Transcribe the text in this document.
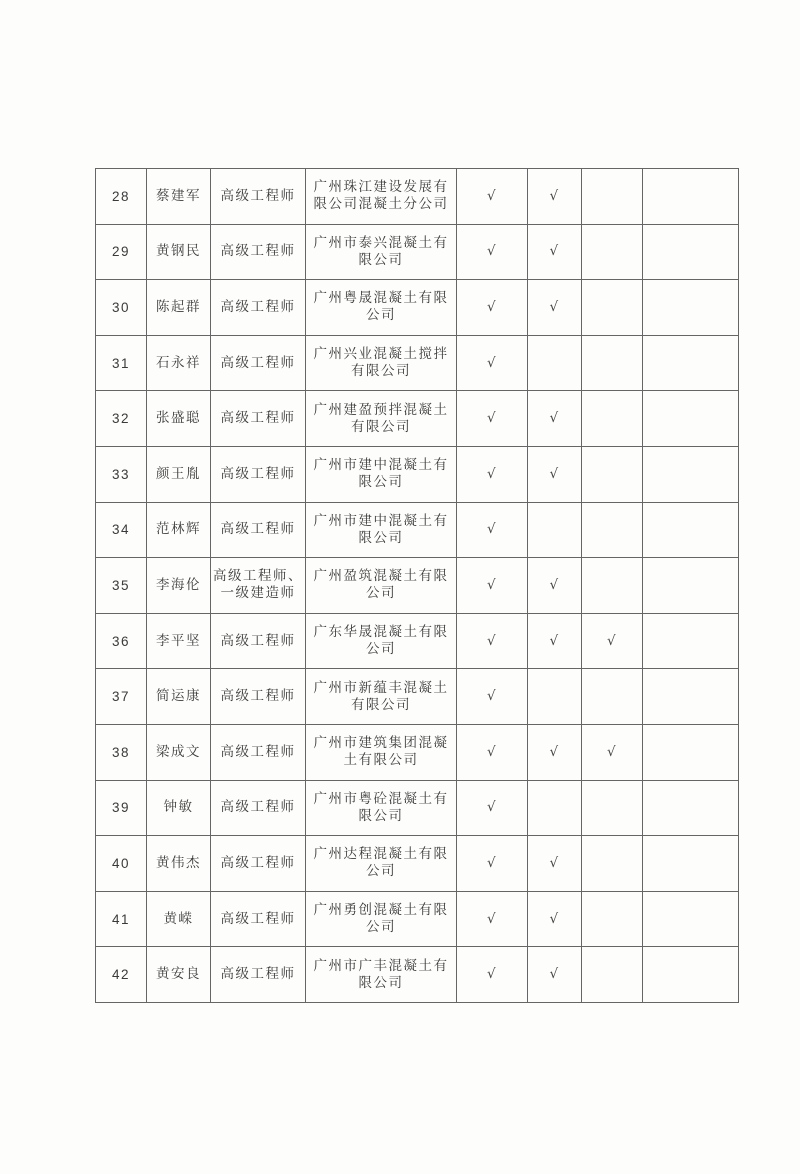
28	蔡建军	高级工程师	广州珠江建设发展有限公司混凝土分公司	√	√		
29	黄钢民	高级工程师	广州市泰兴混凝土有限公司	√	√		
30	陈起群	高级工程师	广州粤晟混凝土有限公司	√	√		
31	石永祥	高级工程师	广州兴业混凝土搅拌有限公司	√			
32	张盛聪	高级工程师	广州建盈预拌混凝土有限公司	√	√		
33	颜王胤	高级工程师	广州市建中混凝土有限公司	√	√		
34	范林辉	高级工程师	广州市建中混凝土有限公司	√			
35	李海伦	高级工程师、一级建造师	广州盈筑混凝土有限公司	√	√		
36	李平坚	高级工程师	广东华晟混凝土有限公司	√	√	√	
37	简运康	高级工程师	广州市新蕴丰混凝土有限公司	√			
38	梁成文	高级工程师	广州市建筑集团混凝土有限公司	√	√	√	
39	钟敏	高级工程师	广州市粤砼混凝土有限公司	√			
40	黄伟杰	高级工程师	广州达程混凝土有限公司	√	√		
41	黄嵘	高级工程师	广州勇创混凝土有限公司	√	√		
42	黄安良	高级工程师	广州市广丰混凝土有限公司	√	√		
